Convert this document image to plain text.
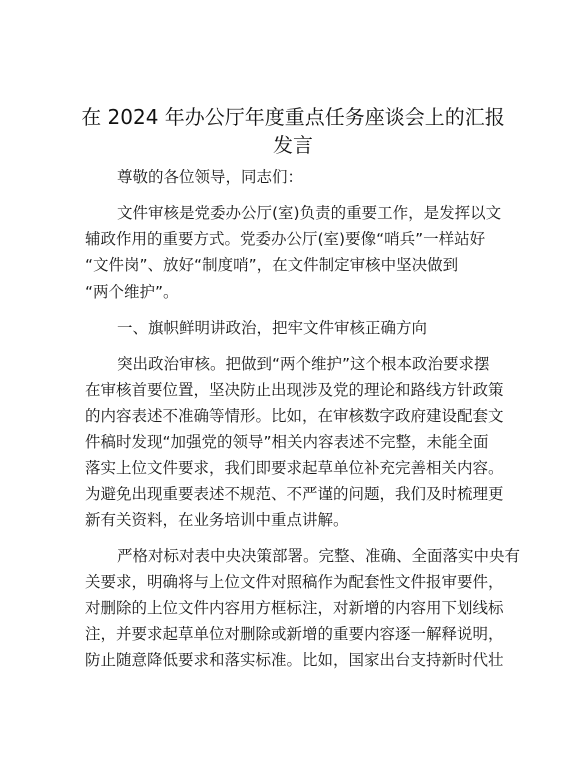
在 2024 年办公厅年度重点任务座谈会上的汇报
发言
尊敬的各位领导，同志们：
文件审核是党委办公厅(室)负责的重要工作，是发挥以文
辅政作用的重要方式。党委办公厅(室)要像“哨兵”一样站好
“文件岗”、放好“制度哨”，在文件制定审核中坚决做到
“两个维护”。
一、旗帜鲜明讲政治，把牢文件审核正确方向
突出政治审核。把做到“两个维护”这个根本政治要求摆
在审核首要位置，坚决防止出现涉及党的理论和路线方针政策
的内容表述不准确等情形。比如，在审核数字政府建设配套文
件稿时发现“加强党的领导”相关内容表述不完整，未能全面
落实上位文件要求，我们即要求起草单位补充完善相关内容。
为避免出现重要表述不规范、不严谨的问题，我们及时梳理更
新有关资料，在业务培训中重点讲解。
严格对标对表中央决策部署。完整、准确、全面落实中央有
关要求，明确将与上位文件对照稿作为配套性文件报审要件，
对删除的上位文件内容用方框标注，对新增的内容用下划线标
注，并要求起草单位对删除或新增的重要内容逐一解释说明，
防止随意降低要求和落实标准。比如，国家出台支持新时代壮
